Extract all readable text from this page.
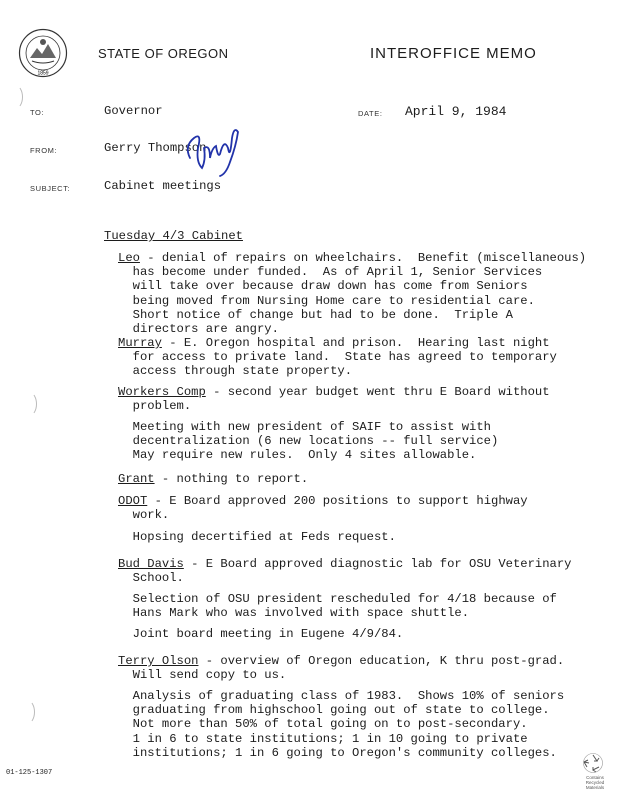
1859
STATE OF OREGON	INTEROFFICE MEMO
TO:	Governor	DATE: April 9, 1984
FROM:	Gerry Thompson
SUBJECT:	Cabinet meetings
Tuesday 4/3 Cabinet
Leo - denial of repairs on wheelchairs.  Benefit (miscellaneous)
has become under funded.  As of April 1, Senior Services
will take over because draw down has come from Seniors
being moved from Nursing Home care to residential care.
Short notice of change but had to be done.  Triple A
directors are angry.
Murray - E. Oregon hospital and prison.  Hearing last night
for access to private land.  State has agreed to temporary
access through state property.
Workers Comp - second year budget went thru E Board without
problem.
Meeting with new president of SAIF to assist with
decentralization (6 new locations -- full service)
May require new rules.  Only 4 sites allowable.
Grant - nothing to report.
ODOT - E Board approved 200 positions to support highway
work.
Hopsing decertified at Feds request.
Bud Davis - E Board approved diagnostic lab for OSU Veterinary
School.
Selection of OSU president rescheduled for 4/18 because of
Hans Mark who was involved with space shuttle.
Joint board meeting in Eugene 4/9/84.
Terry Olson - overview of Oregon education, K thru post-grad.
Will send copy to us.
Analysis of graduating class of 1983.  Shows 10% of seniors
graduating from highschool going out of state to college.
Not more than 50% of total going on to post-secondary.
1 in 6 to state institutions; 1 in 10 going to private
institutions; 1 in 6 going to Oregon's community colleges.
01-125-1307
Contains Recycled Materials
